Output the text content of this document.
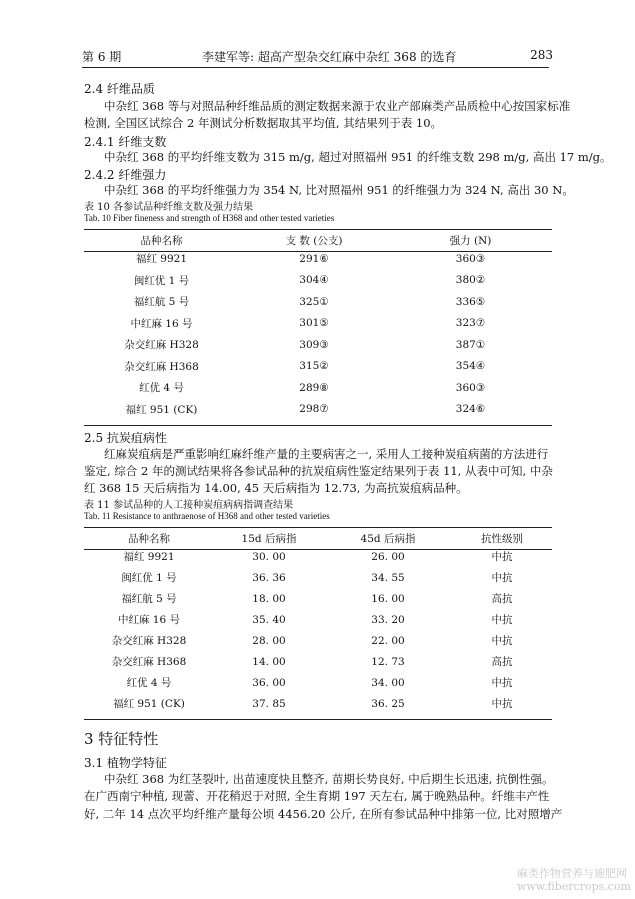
第 6 期	李建军等: 超高产型杂交红麻中杂红 368 的选育	283
2.4 纤维品质
中杂红 368 等与对照品种纤维品质的测定数据来源于农业产部麻类产品质检中心按国家标准
检测, 全国区试综合 2 年测试分析数据取其平均值, 其结果列于表 10。
2.4.1 纤维支数
中杂红 368 的平均纤维支数为 315 m/g, 超过对照福州 951 的纤维支数 298 m/g, 高出 17 m/g。
2.4.2 纤维强力
中杂红 368 的平均纤维强力为 354 N, 比对照福州 951 的纤维强力为 324 N, 高出 30 N。
表 10 各参试品种纤维支数及强力结果
Tab. 10 Fiber fineness and strength of H368 and other tested varieties
品种名称	支 数 (公支)	强力 (N)
福红 9921	291⑥	360③
闽红优 1 号	304④	380②
福红航 5 号	325①	336⑤
中红麻 16 号	301⑤	323⑦
杂交红麻 H328	309③	387①
杂交红麻 H368	315②	354④
红优 4 号	289⑧	360③
福红 951 (CK)	298⑦	324⑥
2.5 抗炭疽病性
红麻炭疽病是严重影响红麻纤维产量的主要病害之一, 采用人工接种炭疽病菌的方法进行
鉴定, 综合 2 年的测试结果将各参试品种的抗炭疽病性鉴定结果列于表 11, 从表中可知, 中杂
红 368 15 天后病指为 14.00, 45 天后病指为 12.73, 为高抗炭疽病品种。
表 11 参试品种的人工接种炭疽病病指调查结果
Tab. 11 Resistance to anthraenose of H368 and other tested varieties
品种名称	15d 后病指	45d 后病指	抗性级别
福红 9921	30. 00	26. 00	中抗
闽红优 1 号	36. 36	34. 55	中抗
福红航 5 号	18. 00	16. 00	高抗
中红麻 16 号	35. 40	33. 20	中抗
杂交红麻 H328	28. 00	22. 00	中抗
杂交红麻 H368	14. 00	12. 73	高抗
红优 4 号	36. 00	34. 00	中抗
福红 951 (CK)	37. 85	36. 25	中抗
3 特征特性
3.1 植物学特征
中杂红 368 为红茎裂叶, 出苗速度快且整齐, 苗期长势良好, 中后期生长迅速, 抗倒性强。
在广西南宁种植, 现蕾、开花稍迟于对照, 全生育期 197 天左右, 属于晚熟品种。纤维丰产性
好, 二年 14 点次平均纤维产量每公顷 4456.20 公斤, 在所有参试品种中排第一位, 比对照增产
麻类作物营养与施肥网
www.fibercrops.com
